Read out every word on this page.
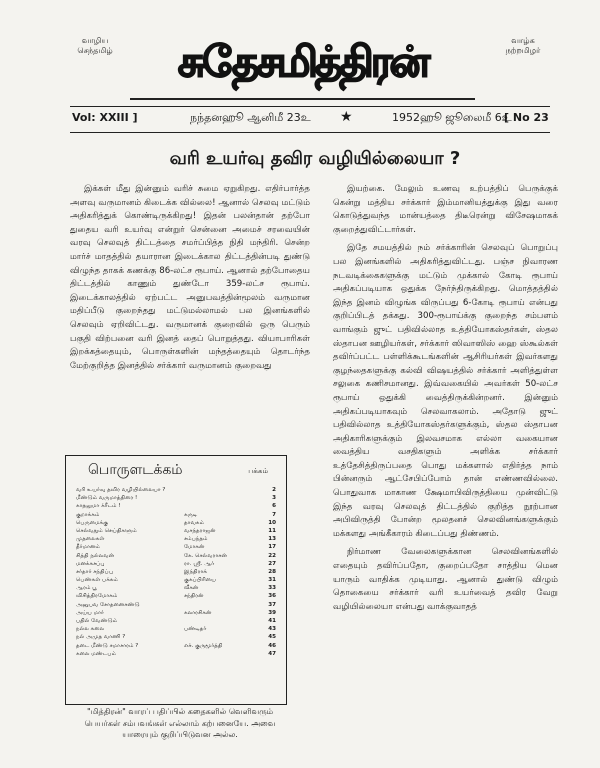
வாழிய செந்தமிழ்	சுதேசமித்திரன்	வாழ்க நற்றமிழர்
Vol: XXIII ]	நந்தனஹூ ஆனிமீ 23உ ★	1952ஹூ ஜூலைமீ 6உ
[ No 23
வரி உயர்வு தவிர வழியில்லையா ?

இக்கள் மீது இன்னும் வரிச் சுமை ஏறுகிறது. எதிர்பார்த்த அளவு வருமானம் கிடைக்க வில்லை! ஆனால் செலவு மட்டும் அதிகரித்துக் கொண்டிருக்கிறது! இதன் பலன்தான் தற்போ துதைய வரி உயர்வு என்றுர் சென்னை அமைச் சரவையின் வரவு செலவுத் திட்டத்தை சமர்ப்பித்த நிதி மந்திரி. சென்ற மார்ச் மாதத்தில் தயாரான இடைக்கால திட்டத்தின்படி துண்டு விழுந்த தாகக் கணக்கு 86-லட்ச ரூபாய். ஆனால் தற்போதைய திட்டத்தில் காணும் துண்டோ 359-லட்ச ரூபாய். இடைக்காலத்தில் ஏற்பட்ட அனுபவத்தின்மூலம் வருமான மதிப்பீடு குறைந்தது மட்டுமல்லாமல் பல இனங்களில் செலவும் ஏறிவிட்டது. வருமானக் குறைவில் ஒரு பெரும் பகுதி விற்பனை வரி இனத் தைப் பொறுத்தது. வியாபாரிகள் இறக்கத்தையும், பொருள்களின் மந்தத்தையும் தொடர்ந்த மேற்குறித்த இனத்தில் சர்க்கார் வருமானம் குறைவது

இயற்கை. மேலும் உணவு உற்பத்திப் பெருக்குக் கென்று மத்திய சர்க்கார் இம்மானியத்துக்கு இது வரை கொடுத்துவந்த மான்யத்தை திடீரென்று விசேஷமாகக் குறைத்துவிட்டார்கள்.

இதே சமயத்தில் நம் சர்க்காரின் செலவுப் பொறுப்பு பல இனங்களில் அதிகரித்துவிட்டது. பஞ்ச நிவாரண நடவடிக்கைகளுக்கு மட்டும் முக்கால் கோடி ரூபாய் அதிகப்படியாக ஒதுக்க நேர்ந்திருக்கிறது. மொத்தத்தில் இந்த இனம் விழுங்க விருப்பது 6-கோடி ரூபாய் என்பது குறிப்பிடத் தக்கது. 300-ரூபாய்க்கு குறைந்த சம்பளம் வாங்கும் ஜுட் பதிவில்லாத உத்தியோகஸ்தர்கள், ஸ்தல ஸ்தாபன ஊழியர்கள், சர்க்கார் ஸிவாஸிஸ் ஹை ஸ்கூல்கள் தவிர்ப்பட்ட பள்ளிக்கூடங்களின் ஆசிரியர்கள் இவர்களது குழந்தைகளுக்கு கல்வி விஷயத்தில் சர்க்கார் அளித்துள்ள சலுகை கணிசமானது. இவ்வகையில் அவர்கள் 50-லட்ச ரூபாய் ஒதுக்கி வைத்திருக்கின்றனர். இன்னும் அதிகப்படியாகவும் செலவாகலாம். அதோடு ஜுட் பதிவில்லாத உத்தியோகஸ்தர்களுக்கும், ஸ்தல ஸ்தாபன அதிகாரிகளுக்கும் இலவசமாக எல்லா வகையான வைத்திய வசதிகளும் அளிக்க சர்க்கார் உத்தேசித்திருப்பதை பொது மக்களால் எதிர்த்த நாம் பின்னரும் ஆட்சேபிப்போம் தான் எண்ணவில்லை. பொதுவாக மாகாண க்ஷேமாபிவிருத்தியை முன்விட்டு இந்த வரவு செலவுத் திட்டத்தில் குறித்த நூற்பான அபிவிருத்தி போன்ற மூலதனச் செலவினங்களுக்கும் மக்களது அங்கீகாரம் கிடைப்பது திண்ணம்.

நிர்மாண வேலைகளுக்கான செலவினங்களில் எதையும் தவிர்ப்பதோ, குறைப்பதோ சாத்திய மென யாரும் வாதிக்க முடியாது. ஆனால் துண்டு விழும் தொகையை சர்க்கார் வரி உயர்வைத் தவிர வேறு வழியில்லையா என்பது வாக்குவாதத்

பொருளடக்கம்	பக்கம்
வரி உயர்வு தவிர வழியில்லையா ?	2
மீண்டும் வருமாத்திரை !	3
காதலுமா க்ரீடம் !	6
குறாக்கம்	கருடி	7
பெருமைக்கு	தாவகம்	10
செல்வதும் செய்திகளும்	வசந்தராஜன்	11
முதலைகள்	சம்பந்தம்	13
தீர்மானம்	மோகன்	17
சித்தி நல்லவன்	கே. செல்வராசன்	22
மனக்கசப்பு	ரா. ஸ்ரீ. ஆர்	27
சர்தார் சந்திப்பு	இந்திராக்	28
பெண்கள் பக்கம்	குகப்பிரியை	31
ஆரம் பூ	வீகன்	33
விசித்திரமோகம்	சந்திரன்	36
அனுபவ சோதனைசண்டு	37
அய்ய மார்	கலாரசிகன்	39
பதில் வேண்டும்	41
நல்ல கலை	பண்டிதர்	43
நல் அமுத வாணி ?	45
தடை மீண்டு சமாசாரம் ?	எச். குருமூர்த்தி	46
கலை மண்டபம்	47
"மித்திரன்" வாரப் பதிப்பில் கதைகளில் வெளிவரும் பெயர்கள் சம்பவங்கள் எல்லாம் கற்பனையே. அவை யாரையும் குறிப்பிடுவன அல்ல.
